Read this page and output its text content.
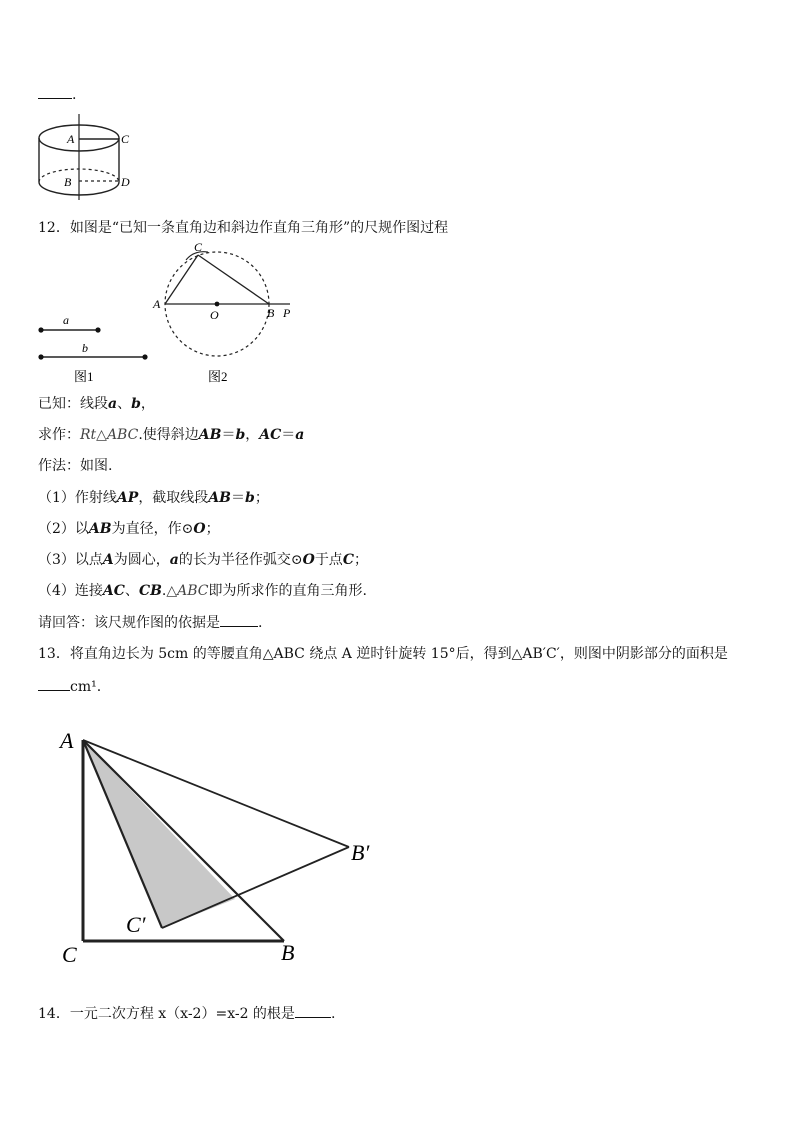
.
A	C
B	D
12．如图是“已知一条直角边和斜边作直角三角形”的尺规作图过程
a
b
图1
A
C
O	B P
图2
已知：线段a、b，
求作：Rt△ABC.使得斜边AB＝b，AC＝a
作法：如图.
（1）作射线AP，截取线段AB＝b；
（2）以AB为直径，作⊙O；
（3）以点A为圆心，a的长为半径作弧交⊙O于点C；
（4）连接AC、CB.△ABC即为所求作的直角三角形.
请回答：该尺规作图的依据是	.
13．将直角边长为 5cm 的等腰直角△ABC 绕点 A 逆时针旋转 15°后，得到△AB′C′，则图中阴影部分的面积是
cm¹.
A
C	B
B′
C′
14．一元二次方程 x（x-2）=x-2 的根是	.
